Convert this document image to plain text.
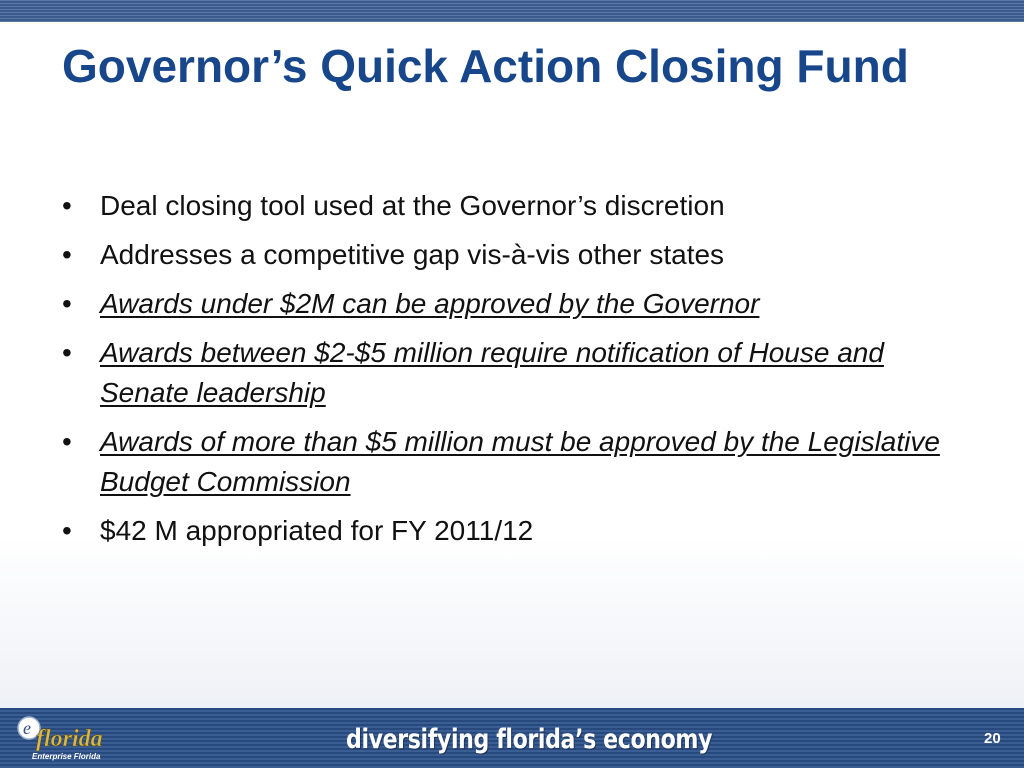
Governor’s Quick Action Closing Fund
•	Deal closing tool used at the Governor’s discretion
•	Addresses a competitive gap vis-à-vis other states
•	Awards under $2M can be approved by the Governor
•	Awards between $2-$5 million require notification of House and Senate leadership
•	Awards of more than $5 million must be approved by the Legislative Budget Commission
•	$42 M appropriated for FY 2011/12
e florida
Enterprise Florida
diversifying florida’s economy	20
